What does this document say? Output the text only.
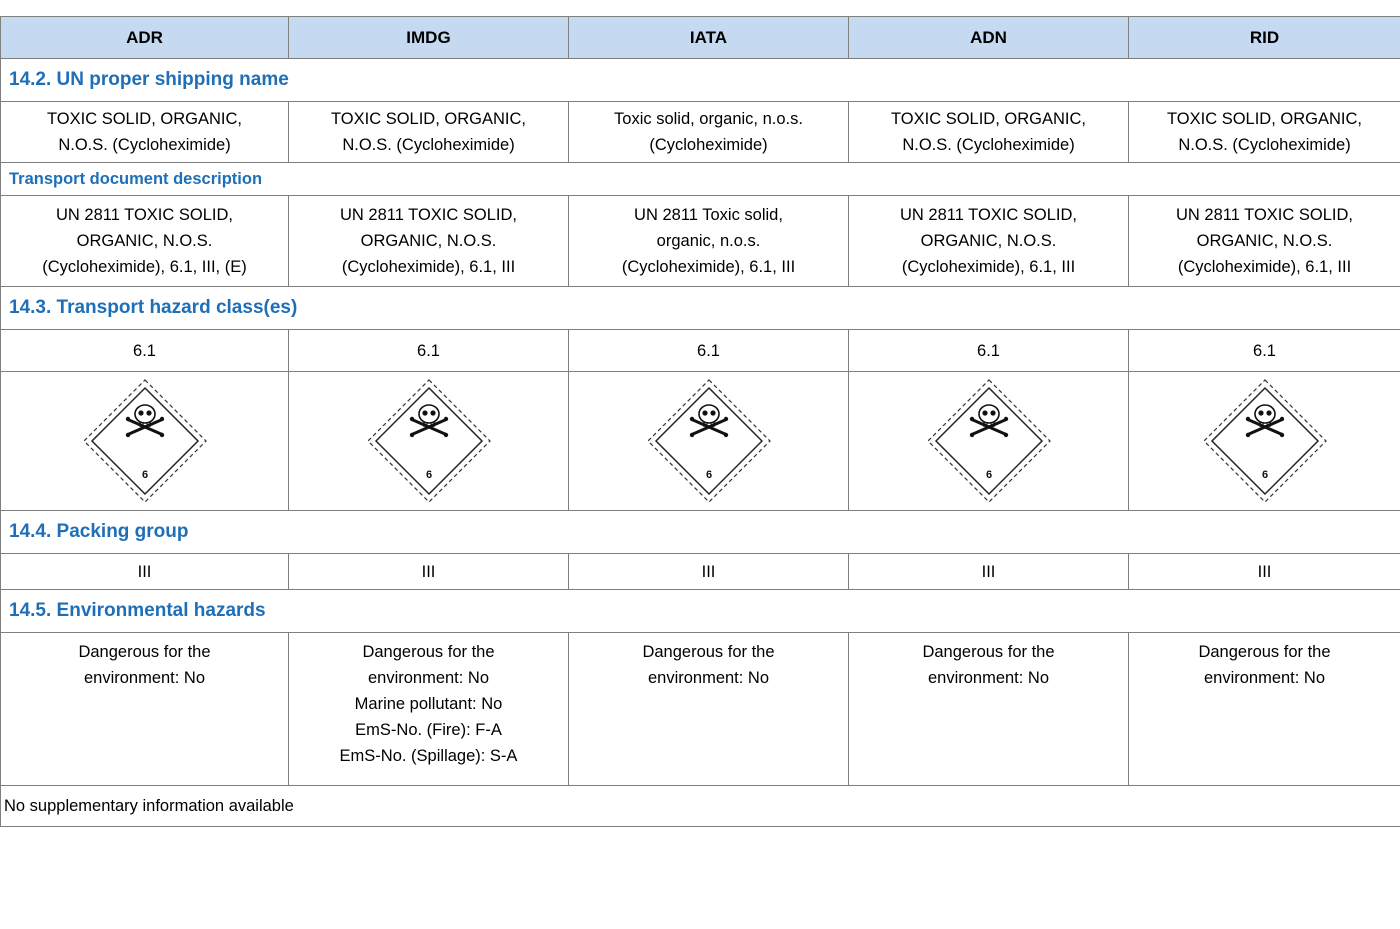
ADR	IMDG	IATA	ADN	RID
14.2. UN proper shipping name				

TOXIC SOLID, ORGANIC,
N.O.S. (Cycloheximide)	TOXIC SOLID, ORGANIC,
N.O.S. (Cycloheximide)	Toxic solid, organic, n.o.s.
(Cycloheximide)	TOXIC SOLID, ORGANIC,
N.O.S. (Cycloheximide)	TOXIC SOLID, ORGANIC,
N.O.S. (Cycloheximide)

Transport document description				

UN 2811 TOXIC SOLID,
ORGANIC, N.O.S.
(Cycloheximide), 6.1, III, (E)	UN 2811 TOXIC SOLID,
ORGANIC, N.O.S.
(Cycloheximide), 6.1, III	UN 2811 Toxic solid,
organic, n.o.s.
(Cycloheximide), 6.1, III	UN 2811 TOXIC SOLID,
ORGANIC, N.O.S.
(Cycloheximide), 6.1, III	UN 2811 TOXIC SOLID,
ORGANIC, N.O.S.
(Cycloheximide), 6.1, III

14.3. Transport hazard class(es)				
6.1	6.1	6.1	6.1	6.1

6	6	6	6	6

14.4. Packing group				
III	III	III	III	III
14.5. Environmental hazards				

Dangerous for the
environment: No	Dangerous for the
environment: No
Marine pollutant: No
EmS-No. (Fire): F-A
EmS-No. (Spillage): S-A	Dangerous for the
environment: No	Dangerous for the
environment: No	Dangerous for the
environment: No

No supplementary information available				
